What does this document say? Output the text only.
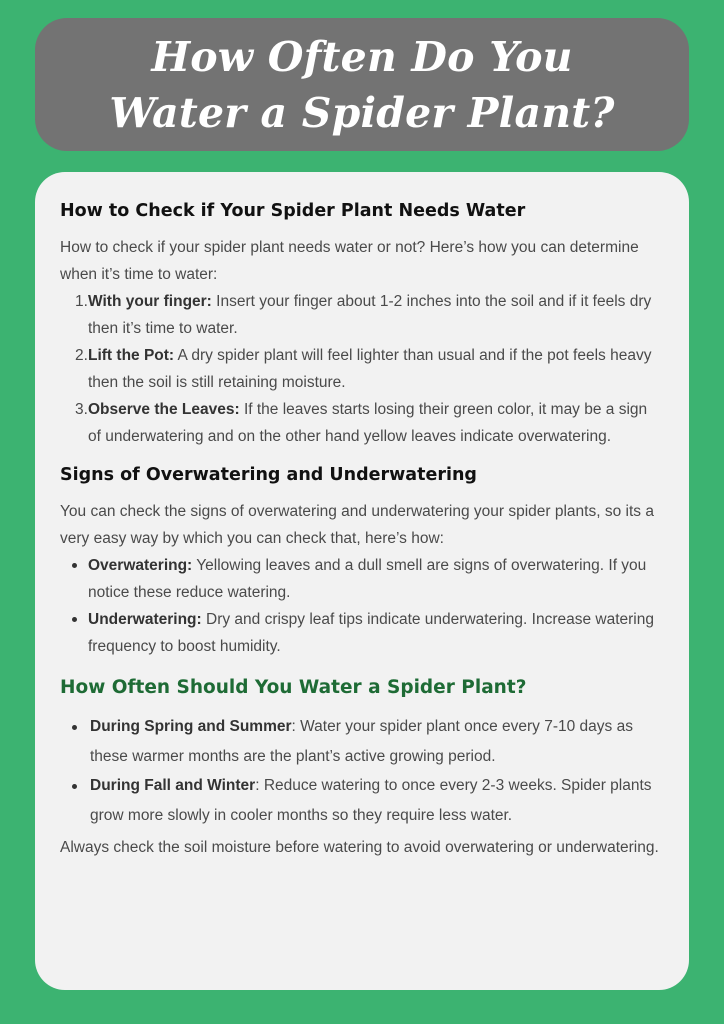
How Often Do You
Water a Spider Plant?
How to Check if Your Spider Plant Needs Water

How to check if your spider plant needs water or not? Here’s how you can determine when it’s time to water:

1. With your finger: Insert your finger about 1-2 inches into the soil and if it feels dry then it’s time to water.
2. Lift the Pot: A dry spider plant will feel lighter than usual and if the pot feels heavy then the soil is still retaining moisture.
3. Observe the Leaves: If the leaves starts losing their green color, it may be a sign of underwatering and on the other hand yellow leaves indicate overwatering.
Signs of Overwatering and Underwatering

You can check the signs of overwatering and underwatering your spider plants, so its a very easy way by which you can check that, here’s how:

Overwatering: Yellowing leaves and a dull smell are signs of overwatering. If you notice these reduce watering.
Underwatering: Dry and crispy leaf tips indicate underwatering. Increase watering frequency to boost humidity.
How Often Should You Water a Spider Plant?
During Spring and Summer: Water your spider plant once every 7-10 days as these warmer months are the plant’s active growing period.
During Fall and Winter: Reduce watering to once every 2-3 weeks. Spider plants grow more slowly in cooler months so they require less water.

Always check the soil moisture before watering to avoid overwatering or underwatering.
